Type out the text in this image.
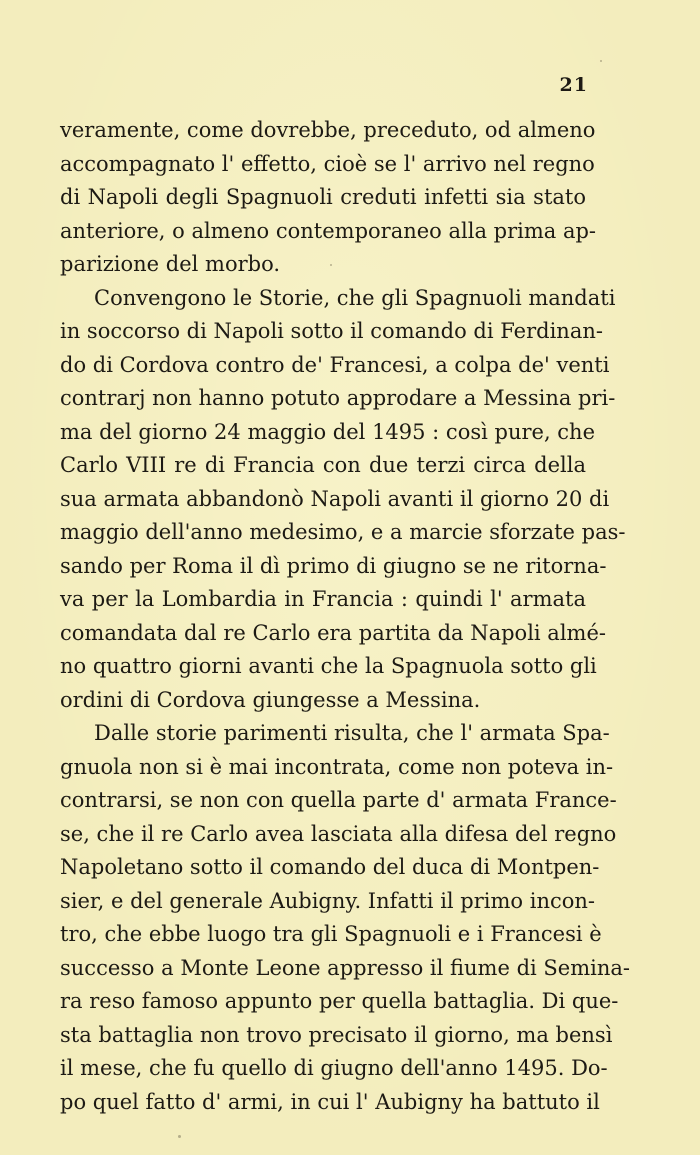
21
veramente, come dovrebbe, preceduto, od almeno
accompagnato l' effetto, cioè se l' arrivo nel regno
di Napoli degli Spagnuoli creduti infetti sia stato
anteriore, o almeno contemporaneo alla prima ap-
parizione del morbo.
Convengono le Storie, che gli Spagnuoli mandati
in soccorso di Napoli sotto il comando di Ferdinan-
do di Cordova contro de' Francesi, a colpa de' venti
contrarj non hanno potuto approdare a Messina pri-
ma del giorno 24 maggio del 1495 : così pure, che
Carlo VIII re di Francia con due terzi circa della
sua armata abbandonò Napoli avanti il giorno 20 di
maggio dell'anno medesimo, e a marcie sforzate pas-
sando per Roma il dì primo di giugno se ne ritorna-
va per la Lombardia in Francia : quindi l' armata
comandata dal re Carlo era partita da Napoli almé-
no quattro giorni avanti che la Spagnuola sotto gli
ordini di Cordova giungesse a Messina.
Dalle storie parimenti risulta, che l' armata Spa-
gnuola non si è mai incontrata, come non poteva in-
contrarsi, se non con quella parte d' armata France-
se, che il re Carlo avea lasciata alla difesa del regno
Napoletano sotto il comando del duca di Montpen-
sier, e del generale Aubigny. Infatti il primo incon-
tro, che ebbe luogo tra gli Spagnuoli e i Francesi è
successo a Monte Leone appresso il fiume di Semina-
ra reso famoso appunto per quella battaglia. Di que-
sta battaglia non trovo precisato il giorno, ma bensì
il mese, che fu quello di giugno dell'anno 1495. Do-
po quel fatto d' armi, in cui l' Aubigny ha battuto il
